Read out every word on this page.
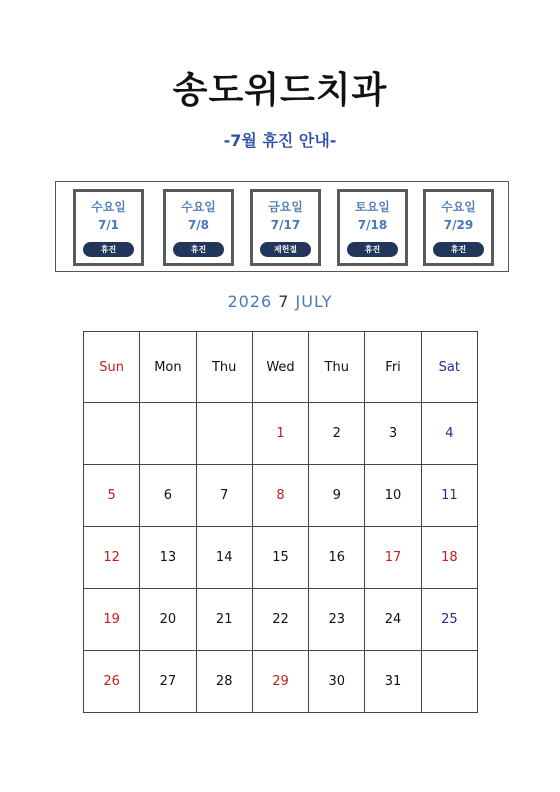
송도위드치과
-7월 휴진 안내-
수요일
7/1
휴진
수요일
7/8
휴진
금요일
7/17
제헌절
토요일
7/18
휴진
수요일
7/29
휴진
2026 7 JULY
Sun	Mon	Thu	Wed	Thu	Fri	Sat
			1	2	3	4
5	6	7	8	9	10	11
12	13	14	15	16	17	18
19	20	21	22	23	24	25
26	27	28	29	30	31	
